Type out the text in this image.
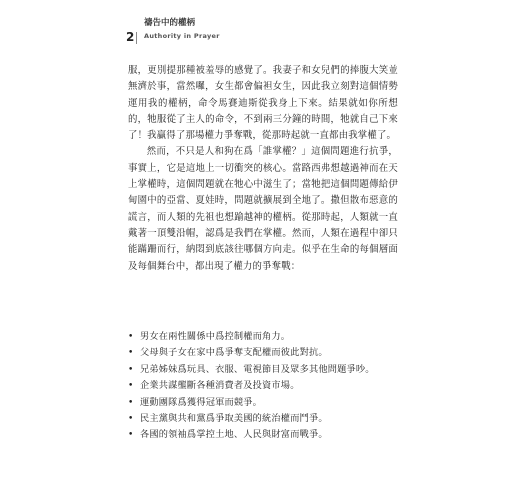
2
禱告中的權柄
Authority in Prayer

服，更別提那種被羞辱的感覺了。我妻子和女兒們的捧腹大笑並無濟於事，當然囉，女生都會偏袒女生，因此我立刻對這個情勢運用我的權柄，命令馬賽迪斯從我身上下來。結果就如你所想的，牠服從了主人的命令，不到兩三分鐘的時間，牠就自己下來了！我贏得了那場權力爭奪戰，從那時起就一直都由我掌權了。

然而，不只是人和狗在爲「誰掌權？」這個問題進行抗爭，事實上，它是這地上一切衝突的核心。當路西弗想越過神而在天上掌權時，這個問題就在牠心中滋生了；當牠把這個問題傳給伊甸園中的亞當、夏娃時，問題就擴展到全地了。撒但散布惡意的謊言，而人類的先祖也想踰越神的權柄。從那時起，人類就一直戴著一頂雙沿帽，認爲是我們在掌權。然而，人類在過程中卻只能蹣跚而行，納悶到底該往哪個方向走。似乎在生命的每個層面及每個舞台中，都出現了權力的爭奪戰：

• 男女在兩性關係中爲控制權而角力。
• 父母與子女在家中爲爭奪支配權而彼此對抗。
• 兄弟姊妹爲玩具、衣服、電視節目及眾多其他問題爭吵。
• 企業共謀壟斷各種消費者及投資市場。
• 運動團隊爲獲得冠軍而競爭。
• 民主黨與共和黨爲爭取美國的統治權而鬥爭。
• 各國的領袖爲掌控土地、人民與財富而戰爭。
